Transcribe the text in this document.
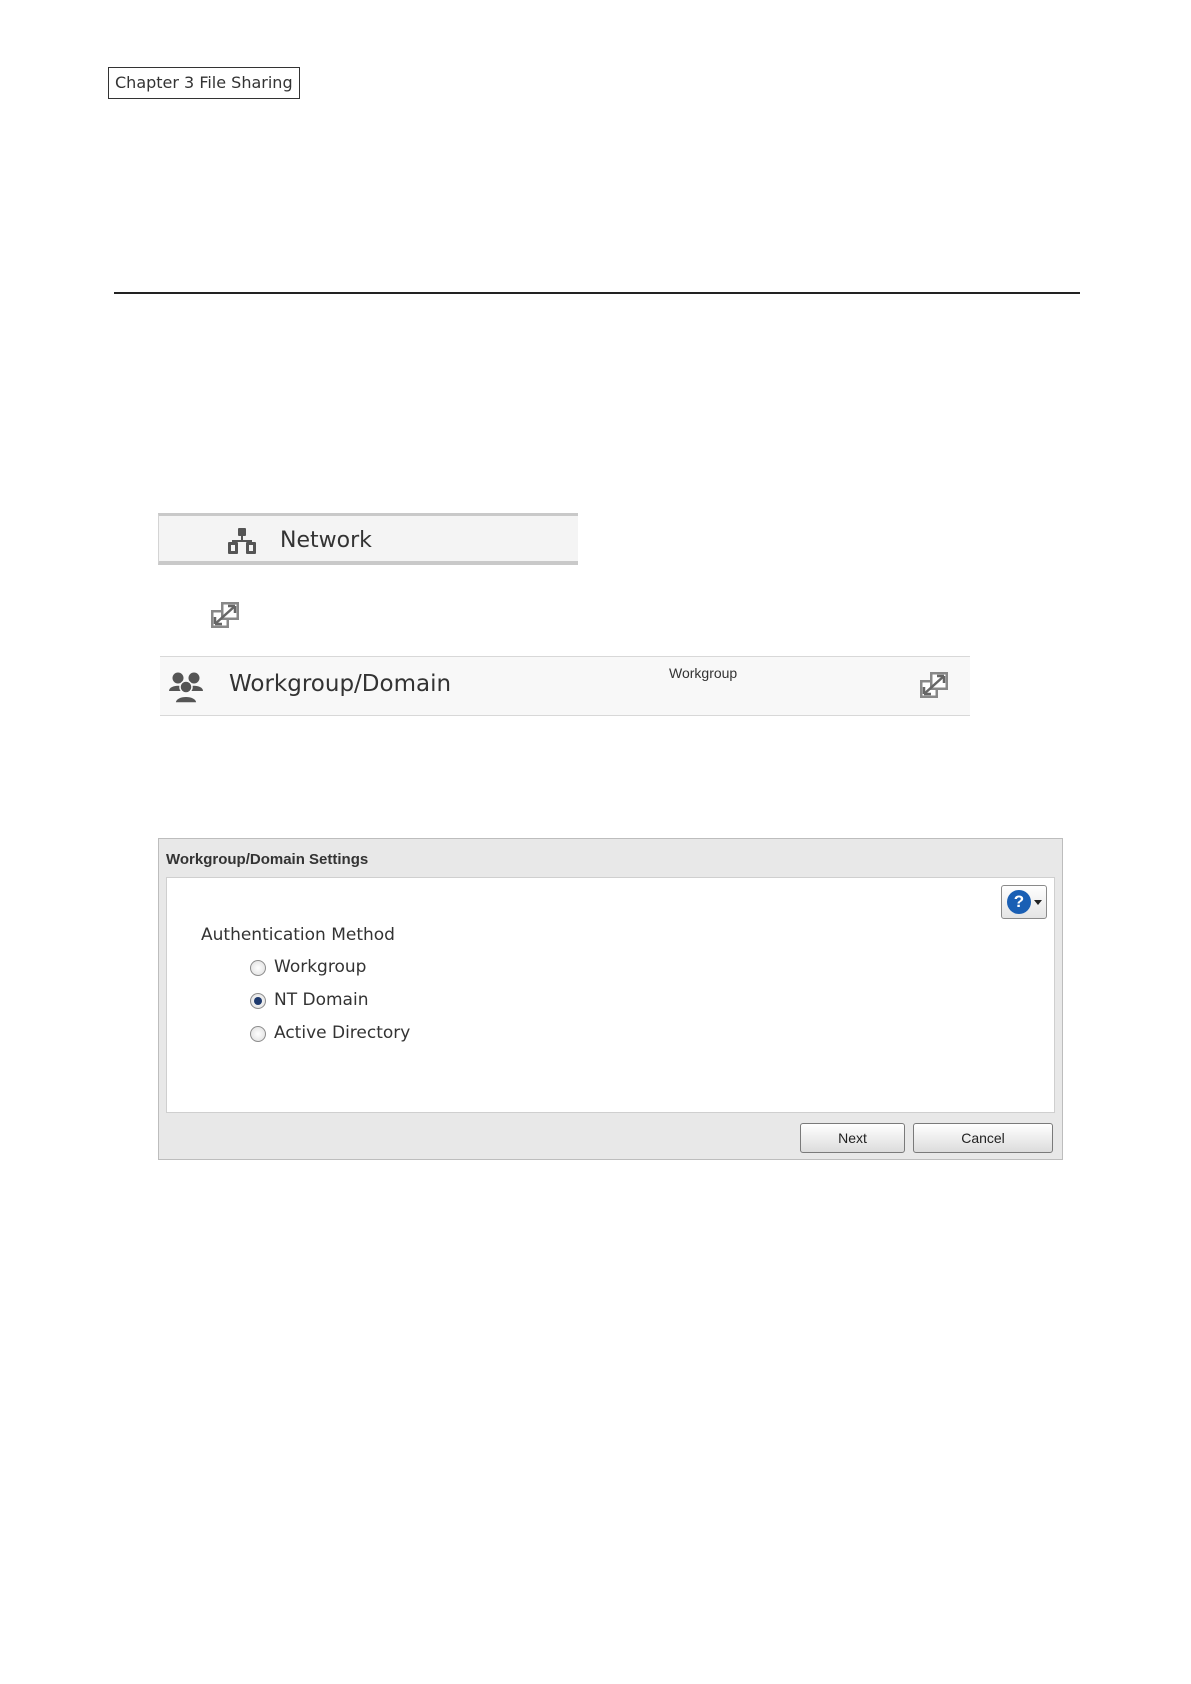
Chapter 3 File Sharing
Network
Workgroup/Domain	Workgroup
Workgroup/Domain Settings
?
Authentication Method
Workgroup
NT Domain
Active Directory
Next	Cancel
